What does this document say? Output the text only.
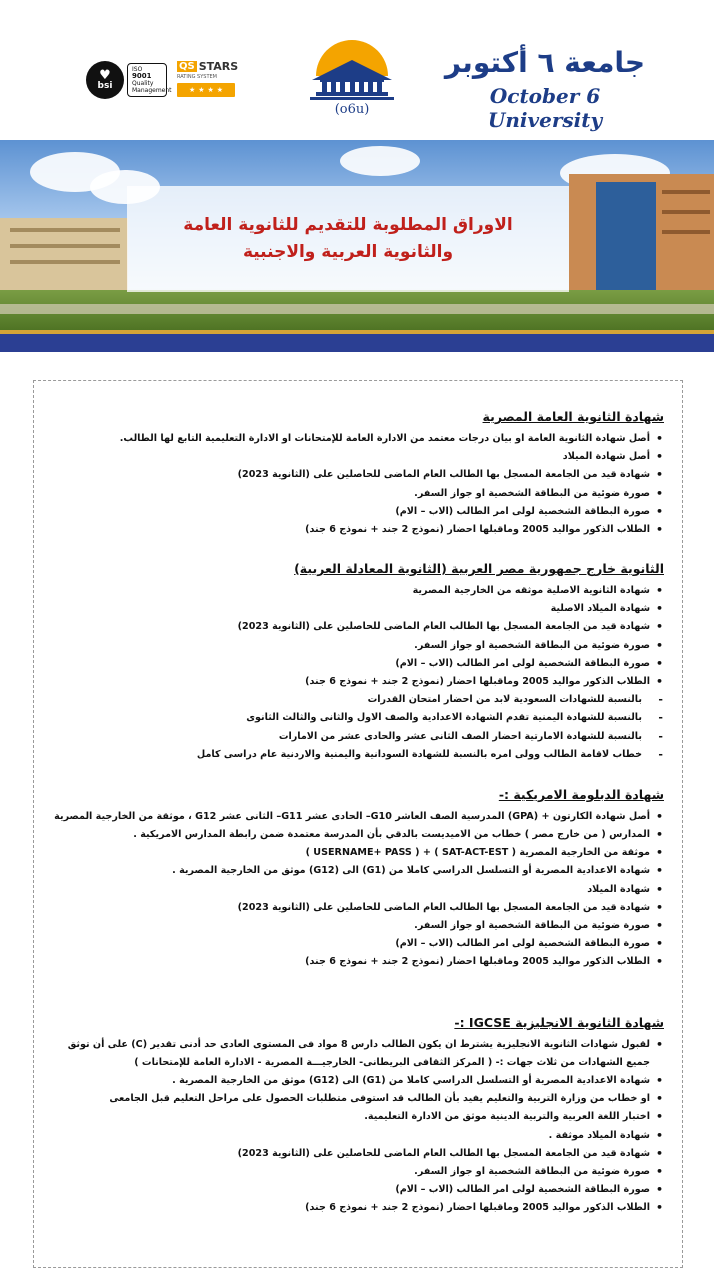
♥
bsi
ISO
9001
Quality
Management
QS STARS
RATING SYSTEM
★ ★ ★ ★
(o6u)
جامعة ٦ أكتوبر
October 6 University
الاوراق المطلوبة للتقديم للثانوية العامة
والثانوية العربية والاجنبية
شهادة الثانوية العامة المصرية
• أصل شهادة الثانوية العامة او بيان درجات معتمد من الادارة العامة للإمتحانات او الادارة التعليمية التابع لها الطالب.
• أصل شهادة الميلاد
• شهادة قيد من الجامعة المسجل بها الطالب العام الماضى للحاصلين على (الثانوية 2023)
• صورة ضوئية من البطاقة الشخصية او جواز السفر.
• صورة البطاقة الشخصية لولى امر الطالب (الاب – الام)
• الطلاب الذكور مواليد 2005 وماقبلها احضار (نموذج 2 جند + نموذج 6 جند)
الثانوية خارج جمهورية مصر العربية (الثانوية المعادلة العربية)
• شهادة الثانوية الاصلية موثقه من الخارجية المصرية
• شهادة الميلاد الاصلية
• شهادة قيد من الجامعة المسجل بها الطالب العام الماضى للحاصلين على (الثانوية 2023)
• صورة ضوئية من البطاقة الشخصية او جواز السفر.
• صورة البطاقة الشخصية لولى امر الطالب (الاب – الام)
• الطلاب الذكور مواليد 2005 وماقبلها احضار (نموذج 2 جند + نموذج 6 جند)
- بالنسبة للشهادات السعودية لابد من احضار امتحان القدرات
- بالنسبة للشهادة اليمنية تقدم الشهادة الاعدادية والصف الاول والثانى والثالث الثانوى
- بالنسبة للشهادة الامارتية احضار الصف الثانى عشر والحادى عشر من الامارات
- خطاب لاقامة الطالب وولى امره بالنسبة للشهادة السودانية واليمنية والاردنية عام دراسى كامل
شهادة الدبلومة الامريكية :-
• أصل شهادة الكارتون + (GPA) المدرسية الصف العاشر G10– الحادى عشر G11– الثانى عشر G12 ، موثقة من الخارجية المصرية
• المدارس ( من خارج مصر ) خطاب من الاميديست بالدقي بأن المدرسة معتمدة ضمن رابطة المدارس الامريكية .
• موثقة من الخارجية المصرية ( SAT-ACT-EST ) + ( USERNAME+ PASS )
• شهادة الاعدادية المصرية أو التسلسل الدراسي كاملا من (G1) الى (G12) موثق من الخارجية المصرية .
• شهادة الميلاد
• شهادة قيد من الجامعة المسجل بها الطالب العام الماضى للحاصلين على (الثانوية 2023)
• صورة ضوئية من البطاقة الشخصية او جواز السفر.
• صورة البطاقة الشخصية لولى امر الطالب (الاب – الام)
• الطلاب الذكور مواليد 2005 وماقبلها احضار (نموذج 2 جند + نموذج 6 جند)
شهادة الثانوية الانجليزية IGCSE :-
• لقبول شهادات الثانوية الانجليزية يشترط ان يكون الطالب دارس 8 مواد فى المستوى العادى حد أدنى تقدير (C) على أن توثق جميع الشهادات من ثلاث جهات :- ( المركز الثقافى البريطانى- الخارجيـــة المصرية - الادارة العامة للإمتحانات )
• شهادة الاعدادية المصرية أو التسلسل الدراسي كاملا من (G1) الى (G12) موثق من الخارجية المصرية .
• او خطاب من وزارة التربية والتعليم يفيد بأن الطالب قد استوفى متطلبات الحصول على مراحل التعليم قبل الجامعى
• اختبار اللغة العربية والتربية الدينية موثق من الادارة التعليمية.
• شهادة الميلاد موثقة .
• شهادة قيد من الجامعة المسجل بها الطالب العام الماضى للحاصلين على (الثانوية 2023)
• صورة ضوئية من البطاقة الشخصية او جواز السفر.
• صورة البطاقة الشخصية لولى امر الطالب (الاب – الام)
• الطلاب الذكور مواليد 2005 وماقبلها احضار (نموذج 2 جند + نموذج 6 جند)
